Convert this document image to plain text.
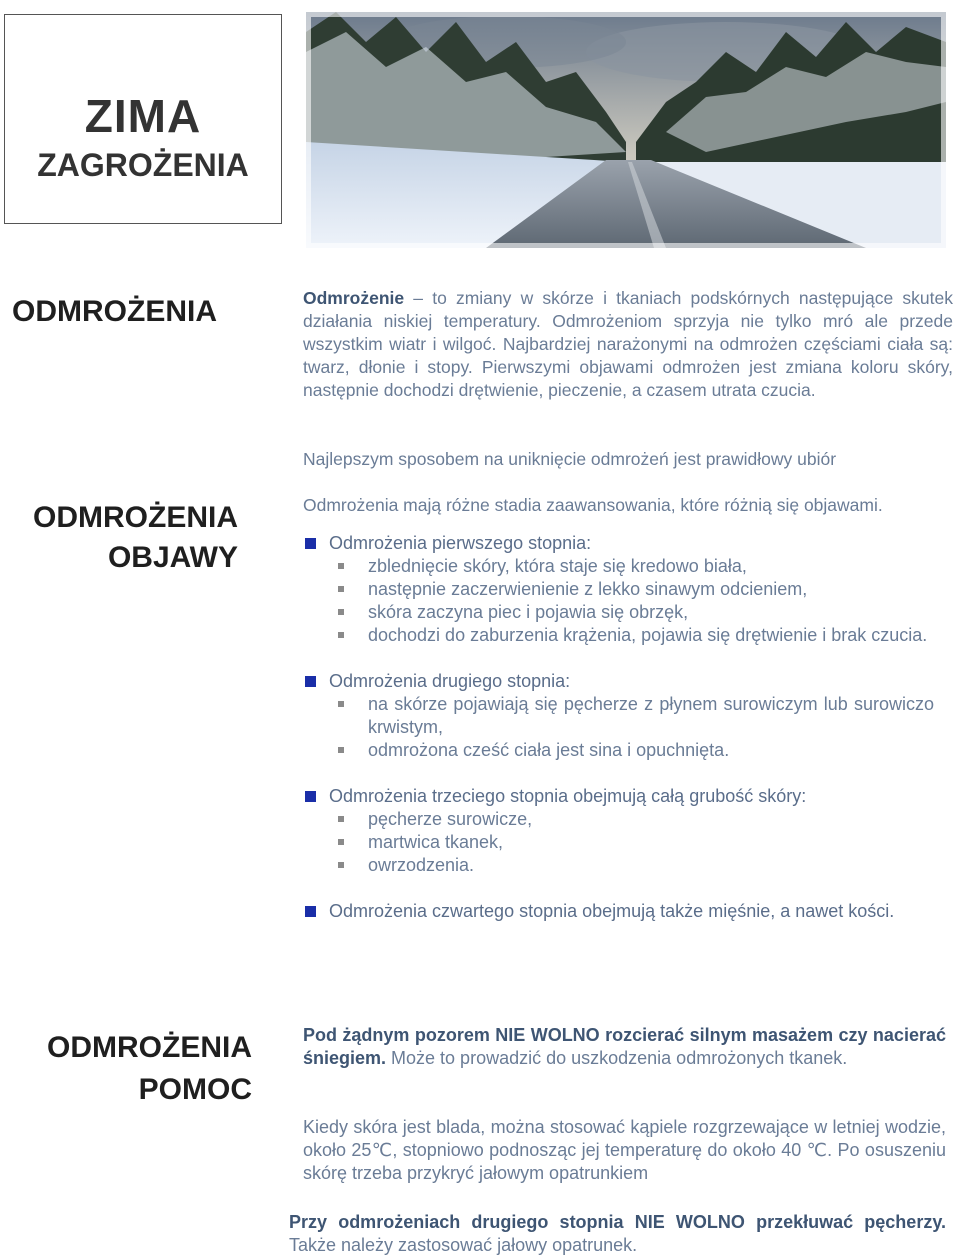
ZIMA
ZAGROŻENIA
ODMROŻENIA	Odmrożenie – to zmiany w skórze i tkaniach podskórnych następujące skutek działania niskiej temperatury. Odmrożeniom sprzyja nie tylko mró ale przede wszystkim wiatr i wilgoć. Najbardziej narażonymi na odmrożen częściami ciała są: twarz, dłonie i stopy. Pierwszymi objawami odmrożen jest zmiana koloru skóry, następnie dochodzi drętwienie, pieczenie, a czasem utrata czucia.

Najlepszym sposobem na uniknięcie odmrożeń jest prawidłowy ubiór
ODMROŻENIA
OBJAWY

Odmrożenia mają różne stadia zaawansowania, które różnią się objawami.

Odmrożenia pierwszego stopnia:
zblednięcie skóry, która staje się kredowo biała,
następnie zaczerwienienie z lekko sinawym odcieniem,
skóra zaczyna piec i pojawia się obrzęk,
dochodzi do zaburzenia krążenia, pojawia się drętwienie i brak czucia.
Odmrożenia drugiego stopnia:
na skórze pojawiają się pęcherze z płynem surowiczym lub surowiczo krwistym,
odmrożona cześć ciała jest sina i opuchnięta.
Odmrożenia trzeciego stopnia obejmują całą grubość skóry:
pęcherze surowicze,
martwica tkanek,
owrzodzenia.
Odmrożenia czwartego stopnia obejmują także mięśnie, a nawet kości.
ODMROŻENIA
POMOC

Pod żądnym pozorem NIE WOLNO rozcierać silnym masażem czy nacierać śniegiem. Może to prowadzić do uszkodzenia odmrożonych tkanek.

Kiedy skóra jest blada, można stosować kąpiele rozgrzewające w letniej wodzie, około 25℃, stopniowo podnosząc jej temperaturę do około 40 ℃. Po osuszeniu skórę trzeba przykryć jałowym opatrunkiem

Przy odmrożeniach drugiego stopnia NIE WOLNO przekłuwać pęcherzy. Także należy zastosować jałowy opatrunek.
